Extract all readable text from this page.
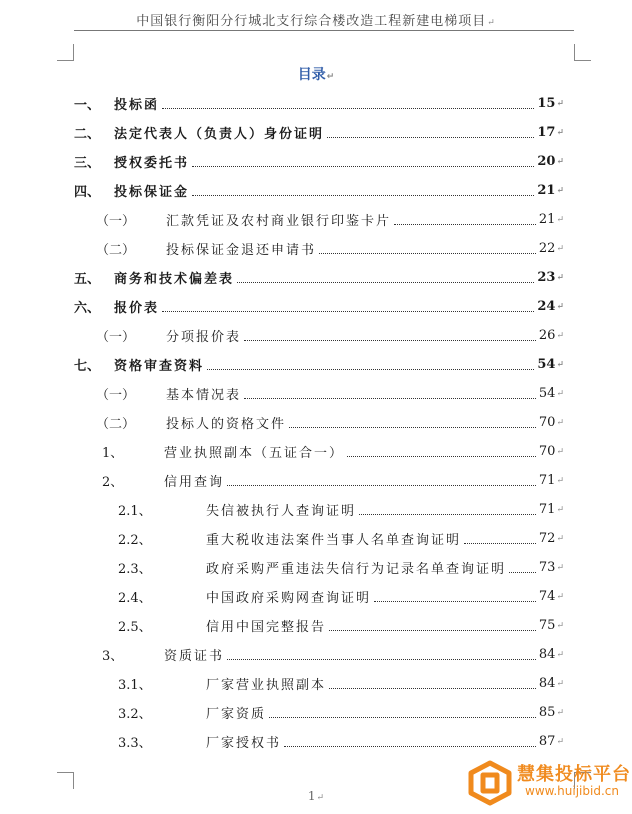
中国银行衡阳分行城北支行综合楼改造工程新建电梯项目↵
目录↵
一、	投标函	15 ↵
二、	法定代表人（负责人）身份证明	17 ↵
三、	授权委托书	20 ↵
四、	投标保证金	21 ↵
（一）	汇款凭证及农村商业银行印鉴卡片	21 ↵
（二）	投标保证金退还申请书	22 ↵
五、	商务和技术偏差表	23 ↵
六、	报价表	24 ↵
（一）	分项报价表	26 ↵
七、	资格审查资料	54 ↵
（一）	基本情况表	54 ↵
（二）	投标人的资格文件	70 ↵
1、	营业执照副本（五证合一）	70 ↵
2、	信用查询	71 ↵
2.1、	失信被执行人查询证明	71 ↵
2.2、	重大税收违法案件当事人名单查询证明	72 ↵
2.3、	政府采购严重违法失信行为记录名单查询证明	73 ↵
2.4、	中国政府采购网查询证明	74 ↵
2.5、	信用中国完整报告	75 ↵
3、	资质证书	84 ↵
3.1、	厂家营业执照副本	84 ↵
3.2、	厂家资质	85 ↵
3.3、	厂家授权书	87 ↵
1↵
慧集投标平台
www.huijibid.cn
